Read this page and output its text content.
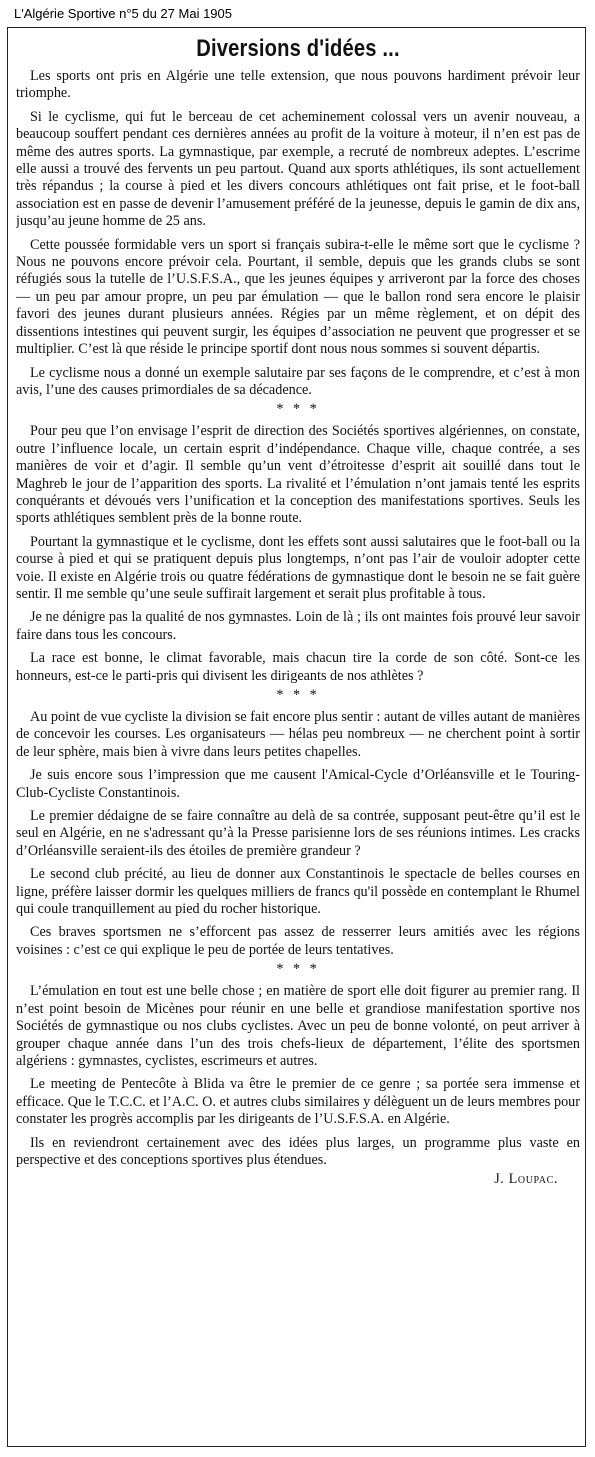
L'Algérie Sportive n°5 du 27 Mai 1905
Diversions d'idées ...
Les sports ont pris en Algérie une telle extension, que nous pouvons hardiment prévoir leur triomphe.
Si le cyclisme, qui fut le berceau de cet acheminement colossal vers un avenir nouveau, a beaucoup souffert pendant ces dernières années au profit de la voiture à moteur, il n’en est pas de même des autres sports. La gymnastique, par exemple, a recruté de nombreux adeptes. L’escrime elle aussi a trouvé des fervents un peu partout. Quand aux sports athlétiques, ils sont actuellement très répandus ; la course à pied et les divers concours athlétiques ont fait prise, et le foot-ball association est en passe de devenir l’amusement préféré de la jeunesse, depuis le gamin de dix ans, jusqu’au jeune homme de 25 ans.
Cette poussée formidable vers un sport si français subira-t-elle le même sort que le cyclisme ? Nous ne pouvons encore prévoir cela. Pourtant, il semble, depuis que les grands clubs se sont réfugiés sous la tutelle de l’U.S.F.S.A., que les jeunes équipes y arriveront par la force des choses — un peu par amour propre, un peu par émulation — que le ballon rond sera encore le plaisir favori des jeunes durant plusieurs années. Régies par un même règlement, et on dépit des dissentions intestines qui peuvent surgir, les équipes d’association ne peuvent que progresser et se multiplier. C’est là que réside le principe sportif dont nous nous sommes si souvent départis.
Le cyclisme nous a donné un exemple salutaire par ses façons de le comprendre, et c’est à mon avis, l’une des causes primordiales de sa décadence.
* * *
Pour peu que l’on envisage l’esprit de direction des Sociétés sportives algériennes, on constate, outre l’influence locale, un certain esprit d’indépendance. Chaque ville, chaque contrée, a ses manières de voir et d’agir. Il semble qu’un vent d’étroitesse d’esprit ait souillé dans tout le Maghreb le jour de l’apparition des sports. La rivalité et l’émulation n’ont jamais tenté les esprits conquérants et dévoués vers l’unification et la conception des manifestations sportives. Seuls les sports athlétiques semblent près de la bonne route.
Pourtant la gymnastique et le cyclisme, dont les effets sont aussi salutaires que le foot-ball ou la course à pied et qui se pratiquent depuis plus longtemps, n’ont pas l’air de vouloir adopter cette voie. Il existe en Algérie trois ou quatre fédérations de gymnastique dont le besoin ne se fait guère sentir. Il me semble qu’une seule suffirait largement et serait plus profitable à tous.
Je ne dénigre pas la qualité de nos gymnastes. Loin de là ; ils ont maintes fois prouvé leur savoir faire dans tous les concours.
La race est bonne, le climat favorable, mais chacun tire la corde de son côté. Sont-ce les honneurs, est-ce le parti-pris qui divisent les dirigeants de nos athlètes ?
* * *
Au point de vue cycliste la division se fait encore plus sentir : autant de villes autant de manières de concevoir les courses. Les organisateurs — hélas peu nombreux — ne cherchent point à sortir de leur sphère, mais bien à vivre dans leurs petites chapelles.
Je suis encore sous l’impression que me causent l'Amical-Cycle d’Orléansville et le Touring-Club-Cycliste Constantinois.
Le premier dédaigne de se faire connaître au delà de sa contrée, supposant peut-être qu’il est le seul en Algérie, en ne s'adressant qu’à la Presse parisienne lors de ses réunions intimes. Les cracks d’Orléansville seraient-ils des étoiles de première grandeur ?
Le second club précité, au lieu de donner aux Constantinois le spectacle de belles courses en ligne, préfère laisser dormir les quelques milliers de francs qu'il possède en contemplant le Rhumel qui coule tranquillement au pied du rocher historique.
Ces braves sportsmen ne s’efforcent pas assez de resserrer leurs amitiés avec les régions voisines : c’est ce qui explique le peu de portée de leurs tentatives.
* * *
L’émulation en tout est une belle chose ; en matière de sport elle doit figurer au premier rang. Il n’est point besoin de Micènes pour réunir en une belle et grandiose manifestation sportive nos Sociétés de gymnastique ou nos clubs cyclistes. Avec un peu de bonne volonté, on peut arriver à grouper chaque année dans l’un des trois chefs-lieux de département, l’élite des sportsmen algériens : gymnastes, cyclistes, escrimeurs et autres.
Le meeting de Pentecôte à Blida va être le premier de ce genre ; sa portée sera immense et efficace. Que le T.C.C. et l’A.C. O. et autres clubs similaires y délèguent un de leurs membres pour constater les progrès accomplis par les dirigeants de l’U.S.F.S.A. en Algérie.
Ils en reviendront certainement avec des idées plus larges, un programme plus vaste en perspective et des conceptions sportives plus étendues.
J. Loupac.
